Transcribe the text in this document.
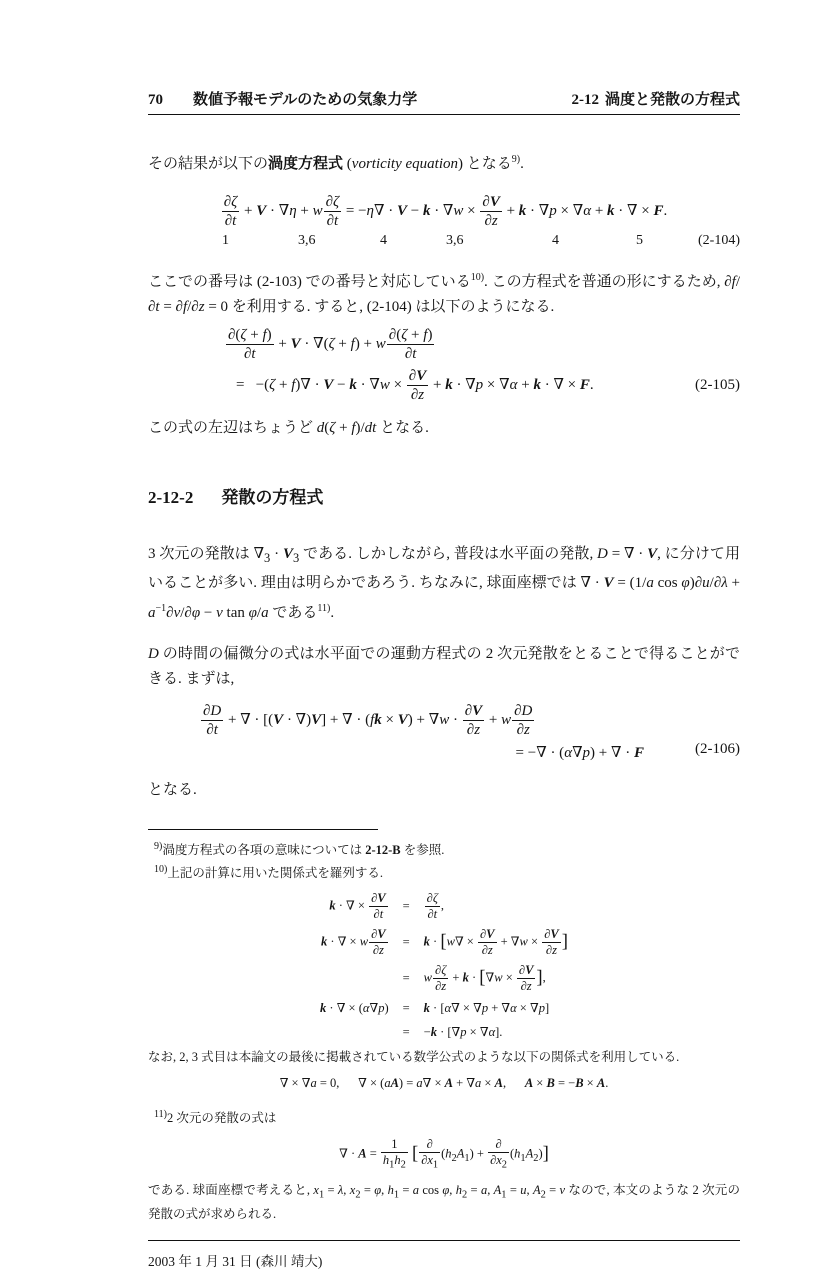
70 数値予報モデルのための気象力学	2-12 渦度と発散の方程式

その結果が以下の渦度方程式 (vorticity equation) となる$^{9)}$.

$\frac{\partial\zeta}{\partial t} + V \cdot \nabla\eta + w \frac{\partial\zeta}{\partial t} = -\eta\nabla \cdot V - k \cdot \nabla w \times \frac{\partial V}{\partial z} + k \cdot \nabla p \times \nabla\alpha + k$ · ∇ × F.
1	3,6	4	3,6	4	5	(2-104)

ここでの番号は (2-103) での番号と対応している$^{10)}$. この方程式を普通の形にするため, ∂f/∂t = ∂f/∂z = 0 を利用する. すると, (2-104) は以下のようになる.

$\frac{\partial(\zeta + f)}{\partial t} + V \cdot \nabla(\zeta + f) + w \frac{\partial(\zeta + f)}{\partial t}$
=   $-(\zeta + f)\nabla \cdot V - k \cdot \nabla w \times \frac{\partial V}{\partial z} + k \cdot \nabla p \times \nabla\alpha + k$ · ∇ × F.	(2-105)

この式の左辺はちょうど d(ζ + f)/dt となる.

2-12-2 発散の方程式

3 次元の発散は $\nabla_3 \cdot V_3$ である. しかしながら, 普段は水平面の発散, D = ∇ · V, に分けて用いることが多い. 理由は明らかであろう. ちなみに, 球面座標では ∇ · V = (1/a $\cos \varphi)\partial u/\partial\lambda + a^{-1}\partial v/\partial\varphi - v$ tan φ/a である$^{11)}$.

D の時間の偏微分の式は水平面での運動方程式の 2 次元発散をとることで得ることができる. まずは,

$\frac{\partial D}{\partial t}$ + ∇ · [(V · ∇)V] + ∇ · $(fk \times V) + \nabla w \cdot \frac{\partial V}{\partial z} + w \frac{\partial D}{\partial z}$
= −∇ · (α∇p) + ∇ · F	(2-106)

となる.

$^{9)}$渦度方程式の各項の意味については 2-12-B を参照.

$^{10)}$上記の計算に用いた関係式を羅列する.

k · ∇ × $\frac{\partial V}{\partial t}$	=	$\frac{\partial\zeta}{\partial t}$ ,
k · ∇ × w $\frac{\partial V}{\partial z}$	=	$k \cdot [w\nabla \times \frac{\partial V}{\partial z} + \nabla w \times \frac{\partial V}{\partial z}$ ]
=	w $\frac{\partial\zeta}{\partial z} + k \cdot [\nabla w \times \frac{\partial V}{\partial z}$ ],
k · ∇ × (α∇p)	=	k · [α∇ × ∇p + ∇α × ∇p]
=	−k · [∇p × ∇α].

なお, 2, 3 式目は本論文の最後に掲載されている数学公式のような以下の関係式を利用している.

∇ × ∇a = 0,  ∇ × (aA) = a∇ × A + ∇a × A,  A × B = −B × A.

$^{11)}$2 次元の発散の式は

∇ · $A = \frac{1}{h_1h_2}$ [ ∂
$\partial x_1$
$(h_2A_1)$ +
∂
$\partial x_2$
$(h_1A_2)$]

である. 球面座標で考えると, $x_1 = \lambda$, $x_2 = \varphi$, $h_1 = a$ cos φ, $h_2 = a$, $A_1 = u$, $A_2 = v$ なので, 本文のような 2 次元の発散の式が求められる.

2003 年 1 月 31 日 (森川 靖大)
